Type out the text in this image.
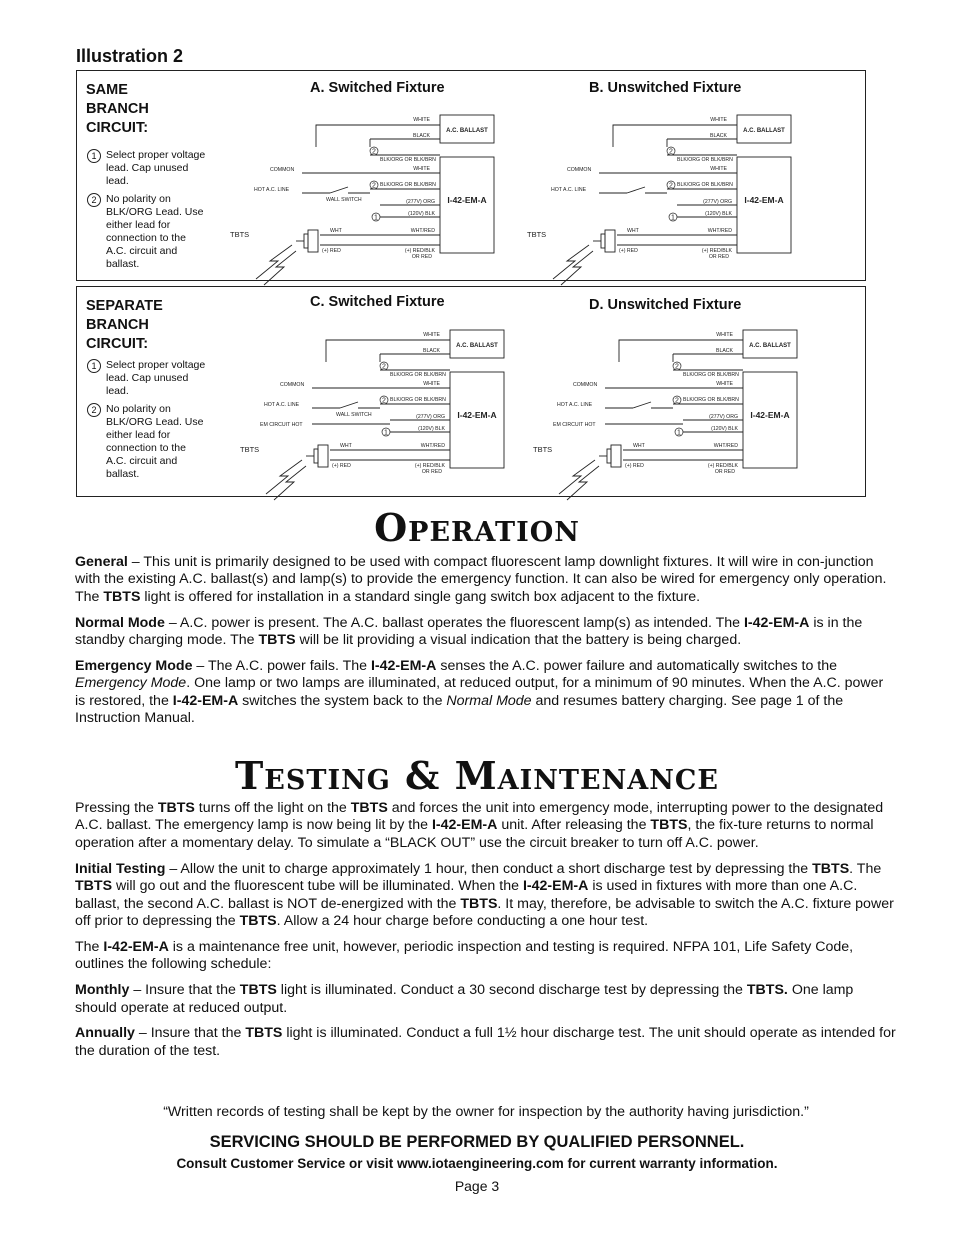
Illustration 2
SAME
BRANCH
CIRCUIT:
1 Select proper voltage lead. Cap unused lead.
2 No polarity on BLK/ORG Lead. Use either lead for connection to the A.C. circuit and ballast.
A. Switched Fixture	B. Unswitched Fixture
SEPARATE
BRANCH
CIRCUIT:
1 Select proper voltage lead. Cap unused lead.
2 No polarity on BLK/ORG Lead. Use either lead for connection to the A.C. circuit and ballast.
C. Switched Fixture	D. Unswitched Fixture
WHITE
A.C. BALLAST
BLACK
BLK/ORG OR BLK/BRN
WHITE
COMMON
BLK/ORG OR BLK/BRN
HOT A.C. LINE
WALL SWITCH	I-42-EM-A
(277V) ORG
(120V) BLK
WHT	WHT/RED
(+) RED	(+) RED/BLK
OR RED
TBTS
2
2
1
WHITE
A.C. BALLAST
BLACK
BLK/ORG OR BLK/BRN
WHITE
COMMON
BLK/ORG OR BLK/BRN
HOT A.C. LINE
I-42-EM-A
(277V) ORG
(120V) BLK
WHT	WHT/RED
(+) RED	(+) RED/BLK
OR RED
TBTS
2
2
1
WHITE
A.C. BALLAST
BLACK
BLK/ORG OR BLK/BRN
WHITE
COMMON
BLK/ORG OR BLK/BRN
HOT A.C. LINE
WALL SWITCH	I-42-EM-A
(277V) ORG
(120V) BLK
WHT	WHT/RED
(+) RED	(+) RED/BLK
OR RED
TBTS
EM CIRCUIT HOT
2
2
1
WHITE
A.C. BALLAST
BLACK
BLK/ORG OR BLK/BRN
WHITE
COMMON
BLK/ORG OR BLK/BRN
HOT A.C. LINE
I-42-EM-A
(277V) ORG
(120V) BLK
WHT	WHT/RED
(+) RED	(+) RED/BLK
OR RED
TBTS
EM CIRCUIT HOT
2
2
1
Operation

General – This unit is primarily designed to be used with compact fluorescent lamp downlight fixtures. It will wire in con-junction with the existing A.C. ballast(s) and lamp(s) to provide the emergency function. It can also be wired for emergency only operation. The TBTS light is offered for installation in a standard single gang switch box adjacent to the fixture.

Normal Mode – A.C. power is present. The A.C. ballast operates the fluorescent lamp(s) as intended. The I-42-EM-A is in the standby charging mode. The TBTS will be lit providing a visual indication that the battery is being charged.

Emergency Mode – The A.C. power fails. The I-42-EM-A senses the A.C. power failure and automatically switches to the Emergency Mode. One lamp or two lamps are illuminated, at reduced output, for a minimum of 90 minutes. When the A.C. power is restored, the I-42-EM-A switches the system back to the Normal Mode and resumes battery charging. See page 1 of the Instruction Manual.

Testing & Maintenance

Pressing the TBTS turns off the light on the TBTS and forces the unit into emergency mode, interrupting power to the designated A.C. ballast. The emergency lamp is now being lit by the I-42-EM-A unit. After releasing the TBTS, the fix-ture returns to normal operation after a momentary delay. To simulate a “BLACK OUT” use the circuit breaker to turn off A.C. power.

Initial Testing – Allow the unit to charge approximately 1 hour, then conduct a short discharge test by depressing the TBTS. The TBTS will go out and the fluorescent tube will be illuminated. When the I-42-EM-A is used in fixtures with more than one A.C. ballast, the second A.C. ballast is NOT de-energized with the TBTS. It may, therefore, be advisable to switch the A.C. fixture power off prior to depressing the TBTS. Allow a 24 hour charge before conducting a one hour test.

The I-42-EM-A is a maintenance free unit, however, periodic inspection and testing is required. NFPA 101, Life Safety Code, outlines the following schedule:

Monthly – Insure that the TBTS light is illuminated. Conduct a 30 second discharge test by depressing the TBTS. One lamp should operate at reduced output.

Annually – Insure that the TBTS light is illuminated. Conduct a full 1½ hour discharge test. The unit should operate as intended for the duration of the test.

“Written records of testing shall be kept by the owner for inspection by the authority having jurisdiction.”
SERVICING SHOULD BE PERFORMED BY QUALIFIED PERSONNEL.
Consult Customer Service or visit www.iotaengineering.com for current warranty information.
Page 3
